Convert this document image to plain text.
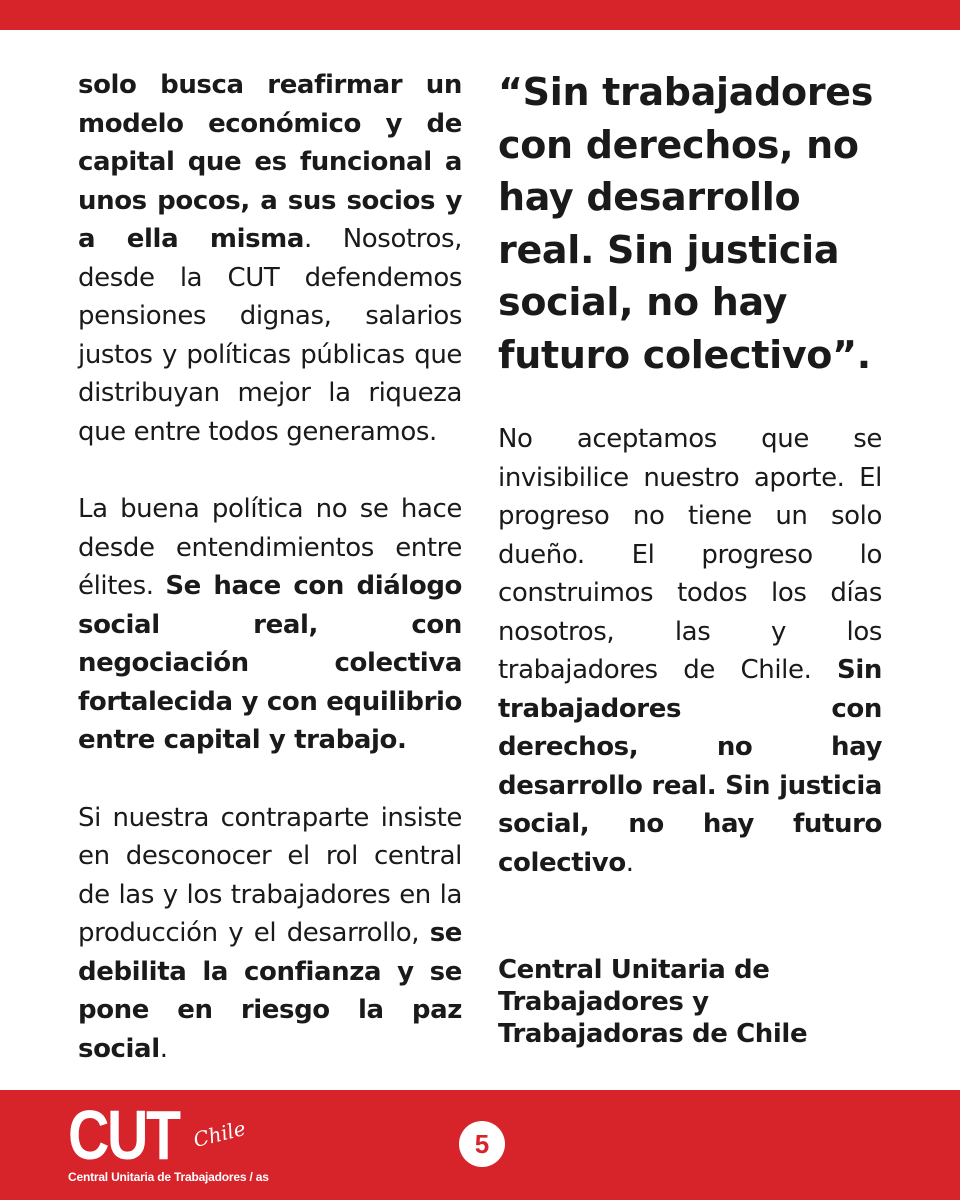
solo busca reafirmar un modelo económico y de capital que es funcional a unos pocos, a sus socios y a ella misma. Nosotros, desde la CUT defendemos pensiones dignas, salarios justos y políticas públicas que distribuyan mejor la riqueza que entre todos generamos.

La buena política no se hace desde entendimientos entre élites. Se hace con diálogo social real, con negociación colectiva fortalecida y con equilibrio entre capital y trabajo.

Si nuestra contraparte insiste en desconocer el rol central de las y los trabajadores en la producción y el desarrollo, se debilita la confianza y se pone en riesgo la paz social.

“Sin trabajadores con derechos, no hay desarrollo real. Sin justicia social, no hay futuro colectivo”.

No aceptamos que se invisibilice nuestro aporte. El progreso no tiene un solo dueño. El progreso lo construimos todos los días nosotros, las y los trabajadores de Chile. Sin trabajadores con derechos, no hay desarrollo real. Sin justicia social, no hay futuro colectivo.

Central Unitaria de Trabajadores y Trabajadoras de Chile

CUT Chile
Central Unitaria de Trabajadores / as
5
